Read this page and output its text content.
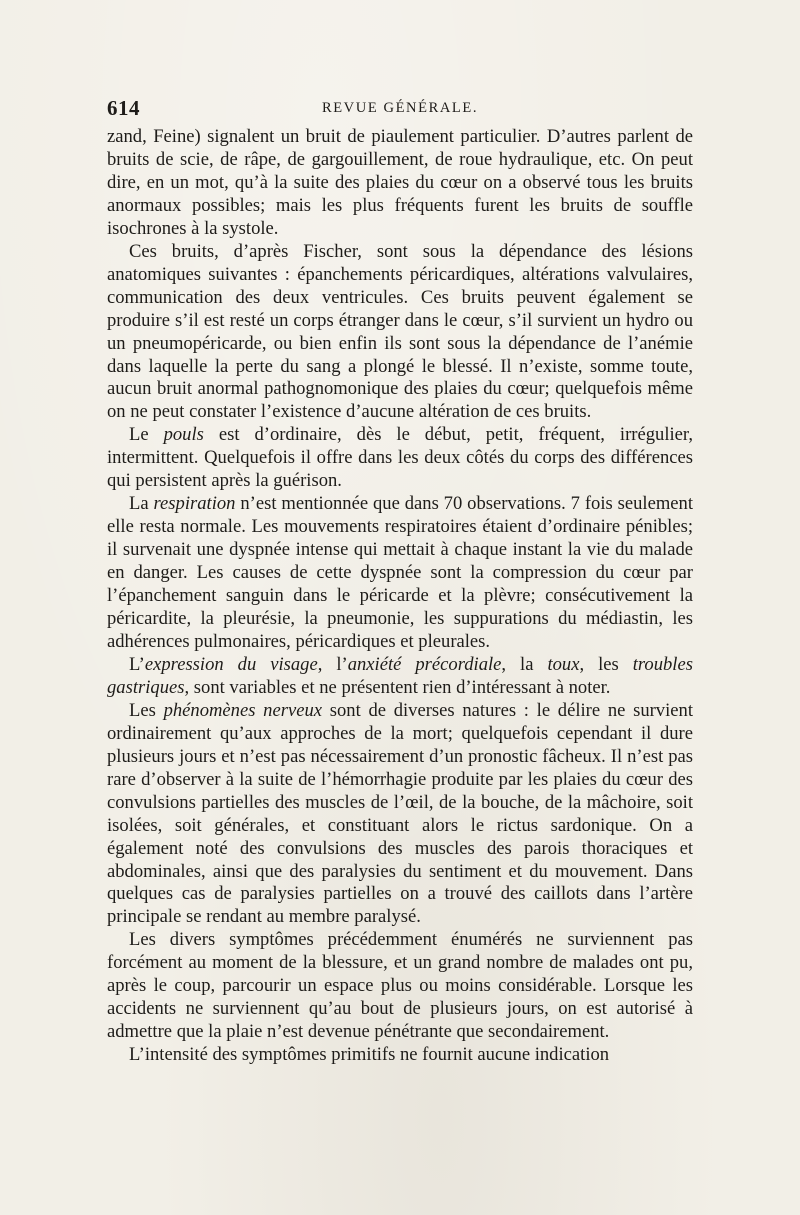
614	REVUE GÉNÉRALE.

zand, Feine) signalent un bruit de piaulement particulier. D’autres parlent de bruits de scie, de râpe, de gargouillement, de roue hydraulique, etc. On peut dire, en un mot, qu’à la suite des plaies du cœur on a observé tous les bruits anormaux possibles; mais les plus fréquents furent les bruits de souffle isochrones à la systole.

Ces bruits, d’après Fischer, sont sous la dépendance des lésions anatomiques suivantes : épanchements péricardiques, altérations valvulaires, communication des deux ventricules. Ces bruits peuvent également se produire s’il est resté un corps étranger dans le cœur, s’il survient un hydro ou un pneumopéricarde, ou bien enfin ils sont sous la dépendance de l’anémie dans laquelle la perte du sang a plongé le blessé. Il n’existe, somme toute, aucun bruit anormal pathognomonique des plaies du cœur; quelquefois même on ne peut constater l’existence d’aucune altération de ces bruits.

Le pouls est d’ordinaire, dès le début, petit, fréquent, irrégulier, intermittent. Quelquefois il offre dans les deux côtés du corps des différences qui persistent après la guérison.

La respiration n’est mentionnée que dans 70 observations. 7 fois seulement elle resta normale. Les mouvements respiratoires étaient d’ordinaire pénibles; il survenait une dyspnée intense qui mettait à chaque instant la vie du malade en danger. Les causes de cette dyspnée sont la compression du cœur par l’épanchement sanguin dans le péricarde et la plèvre; consécutivement la péricardite, la pleurésie, la pneumonie, les suppurations du médiastin, les adhérences pulmonaires, péricardiques et pleurales.

L’expression du visage, l’anxiété précordiale, la toux, les troubles gastriques, sont variables et ne présentent rien d’intéressant à noter.

Les phénomènes nerveux sont de diverses natures : le délire ne survient ordinairement qu’aux approches de la mort; quelquefois cependant il dure plusieurs jours et n’est pas nécessairement d’un pronostic fâcheux. Il n’est pas rare d’observer à la suite de l’hémorrhagie produite par les plaies du cœur des convulsions partielles des muscles de l’œil, de la bouche, de la mâchoire, soit isolées, soit générales, et constituant alors le rictus sardonique. On a également noté des convulsions des muscles des parois thoraciques et abdominales, ainsi que des paralysies du sentiment et du mouvement. Dans quelques cas de paralysies partielles on a trouvé des caillots dans l’artère principale se rendant au membre paralysé.

Les divers symptômes précédemment énumérés ne surviennent pas forcément au moment de la blessure, et un grand nombre de malades ont pu, après le coup, parcourir un espace plus ou moins considérable. Lorsque les accidents ne surviennent qu’au bout de plusieurs jours, on est autorisé à admettre que la plaie n’est devenue pénétrante que secondairement.

L’intensité des symptômes primitifs ne fournit aucune indication
